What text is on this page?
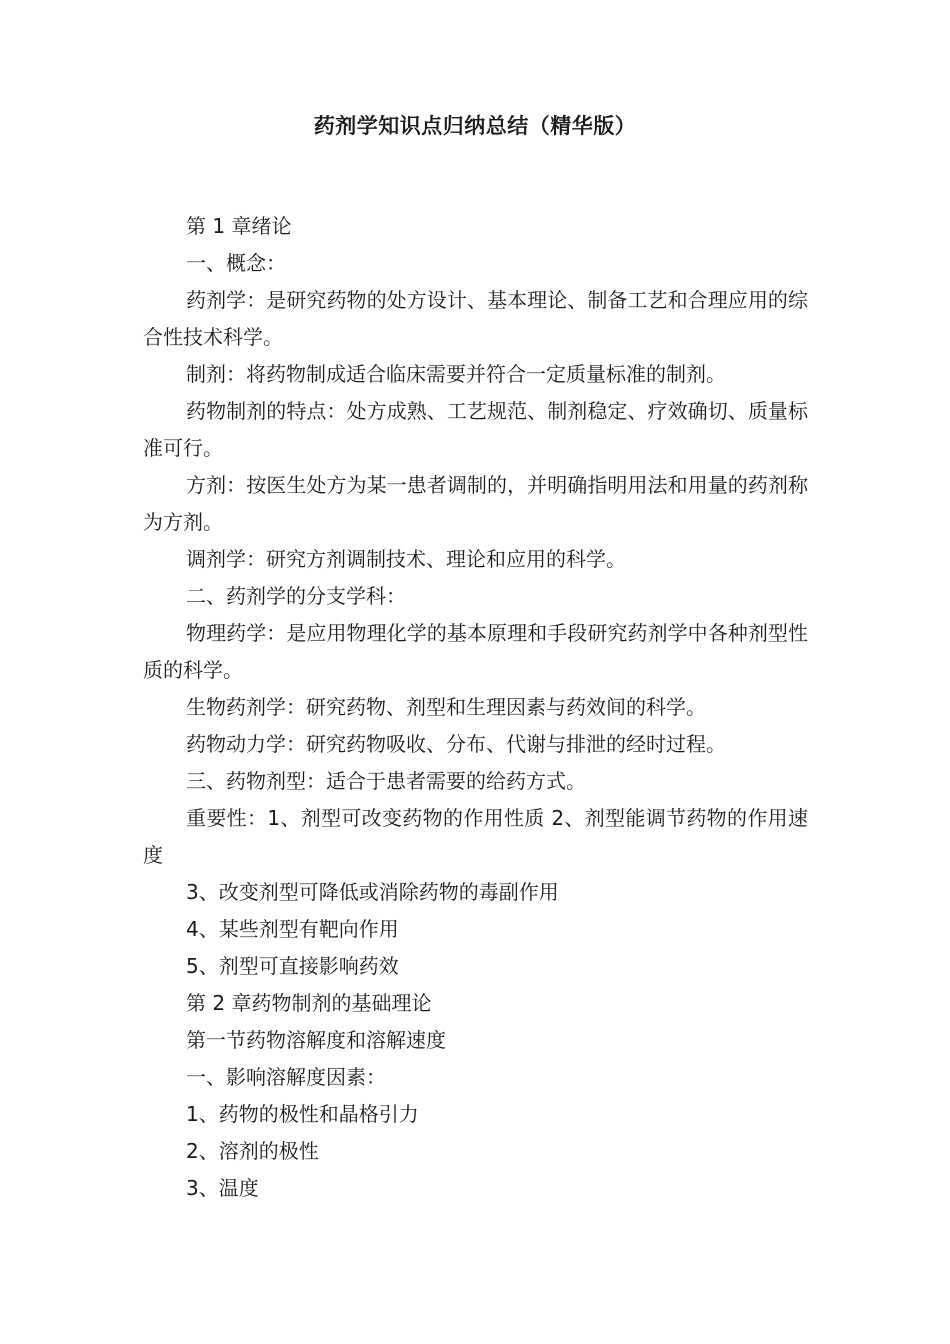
药剂学知识点归纳总结（精华版）

第 1 章绪论

一、概念：

药剂学：是研究药物的处方设计、基本理论、制备工艺和合理应用的综合性技术科学。

制剂：将药物制成适合临床需要并符合一定质量标准的制剂。

药物制剂的特点：处方成熟、工艺规范、制剂稳定、疗效确切、质量标准可行。

方剂：按医生处方为某一患者调制的，并明确指明用法和用量的药剂称为方剂。

调剂学：研究方剂调制技术、理论和应用的科学。

二、药剂学的分支学科：

物理药学：是应用物理化学的基本原理和手段研究药剂学中各种剂型性质的科学。

生物药剂学：研究药物、剂型和生理因素与药效间的科学。

药物动力学：研究药物吸收、分布、代谢与排泄的经时过程。

三、药物剂型：适合于患者需要的给药方式。

重要性：1、剂型可改变药物的作用性质 2、剂型能调节药物的作用速度

3、改变剂型可降低或消除药物的毒副作用

4、某些剂型有靶向作用

5、剂型可直接影响药效

第 2 章药物制剂的基础理论

第一节药物溶解度和溶解速度

一、影响溶解度因素：

1、药物的极性和晶格引力

2、溶剂的极性

3、温度
